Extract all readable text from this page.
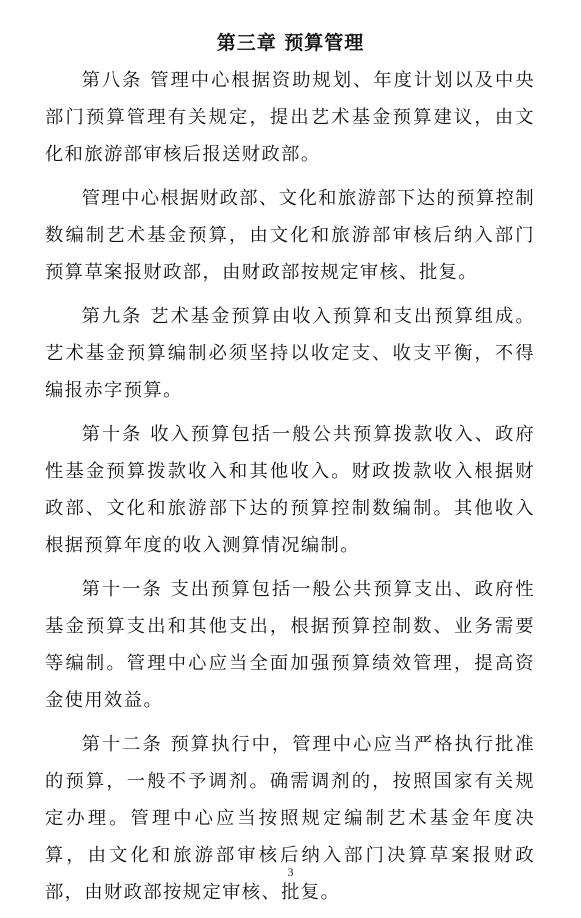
第三章 预算管理

第八条 管理中心根据资助规划、年度计划以及中央部门预算管理有关规定，提出艺术基金预算建议，由文化和旅游部审核后报送财政部。

管理中心根据财政部、文化和旅游部下达的预算控制数编制艺术基金预算，由文化和旅游部审核后纳入部门预算草案报财政部，由财政部按规定审核、批复。

第九条 艺术基金预算由收入预算和支出预算组成。艺术基金预算编制必须坚持以收定支、收支平衡，不得编报赤字预算。

第十条 收入预算包括一般公共预算拨款收入、政府性基金预算拨款收入和其他收入。财政拨款收入根据财政部、文化和旅游部下达的预算控制数编制。其他收入根据预算年度的收入测算情况编制。

第十一条 支出预算包括一般公共预算支出、政府性基金预算支出和其他支出，根据预算控制数、业务需要等编制。管理中心应当全面加强预算绩效管理，提高资金使用效益。

第十二条 预算执行中，管理中心应当严格执行批准的预算，一般不予调剂。确需调剂的，按照国家有关规定办理。管理中心应当按照规定编制艺术基金年度决算，由文化和旅游部审核后纳入部门决算草案报财政部，由财政部按规定审核、批复。

3
